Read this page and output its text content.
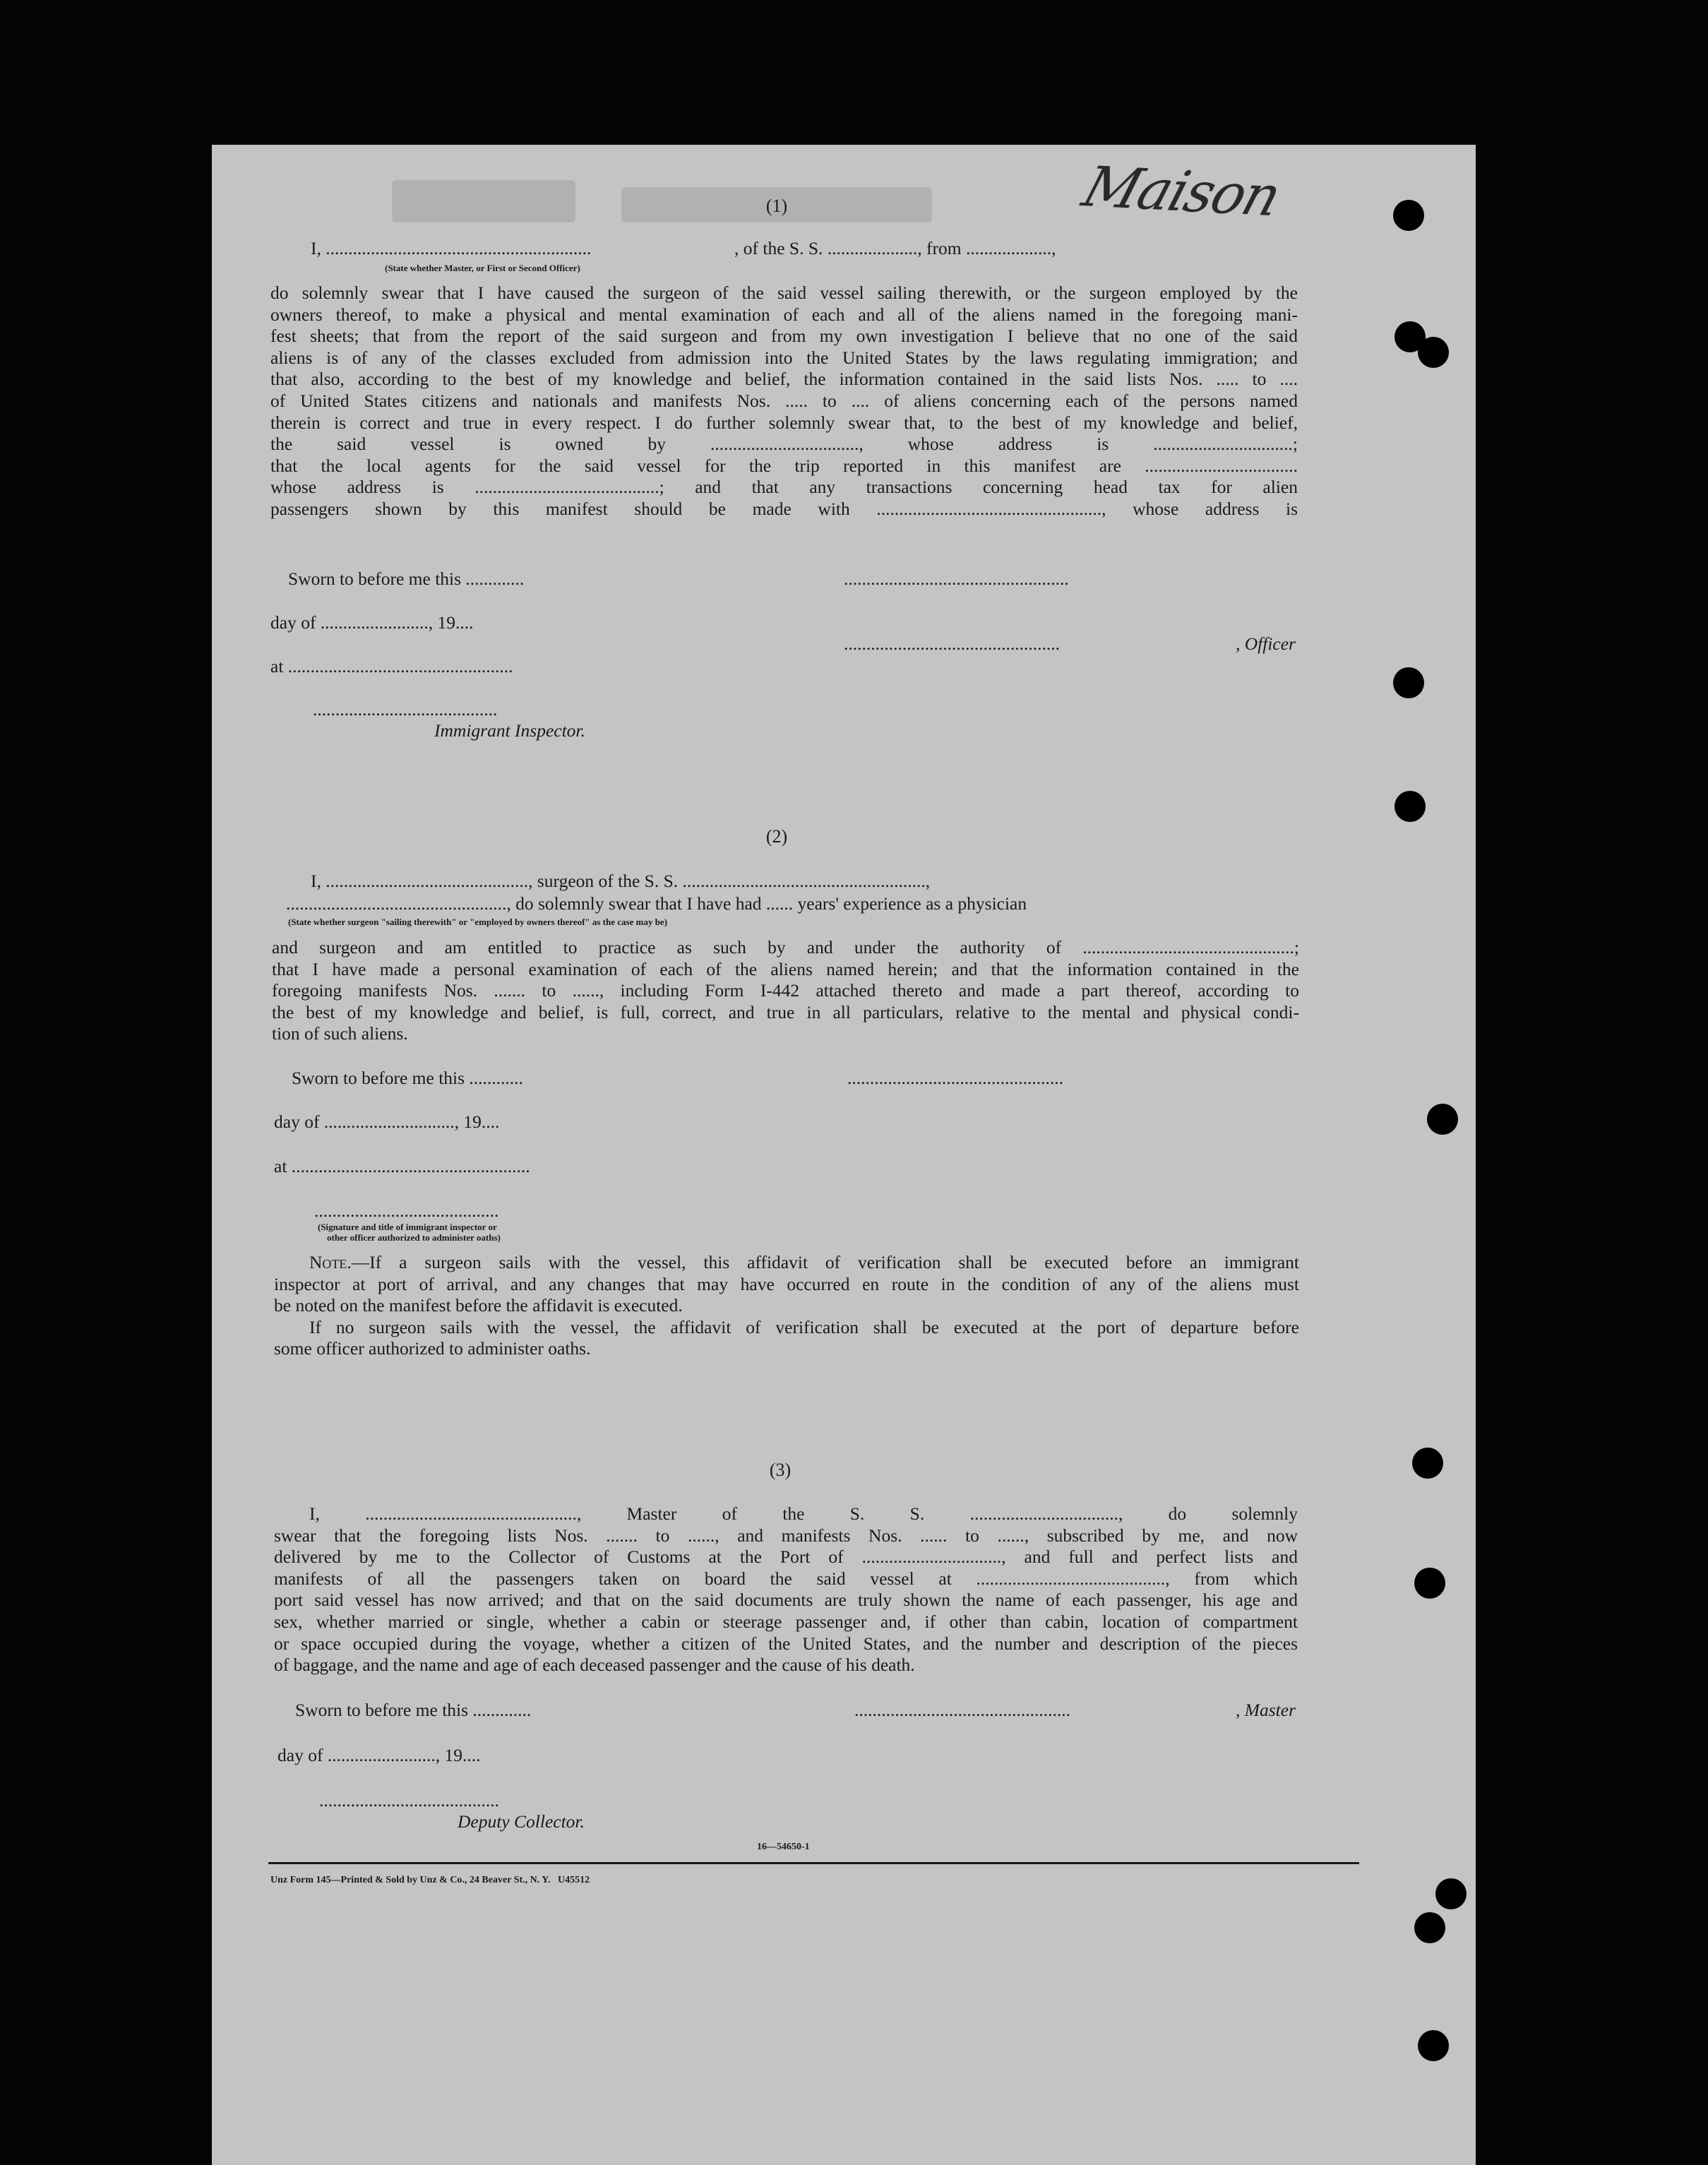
Maison
(1)
I, ...........................................................	, of the S. S. ...................., from ...................,
(State whether Master, or First or Second Officer)
do solemnly swear that I have caused the surgeon of the said vessel sailing therewith, or the surgeon employed by the
owners thereof, to make a physical and mental examination of each and all of the aliens named in the foregoing mani-
fest sheets; that from the report of the said surgeon and from my own investigation I believe that no one of the said
aliens is of any of the classes excluded from admission into the United States by the laws regulating immigration; and
that also, according to the best of my knowledge and belief, the information contained in the said lists Nos. ..... to ....
of United States citizens and nationals and manifests Nos. ..... to .... of aliens concerning each of the persons named
therein is correct and true in every respect. I do further solemnly swear that, to the best of my knowledge and belief,
the said vessel is owned by ................................., whose address is ...............................;
that the local agents for the said vessel for the trip reported in this manifest are ..................................
whose address is .........................................; and that any transactions concerning head tax for alien
passengers shown by this manifest should be made with .................................................., whose address is
Sworn to before me this .............	..................................................
day of ........................, 19....
................................................	, Officer
at ..................................................
.........................................
Immigrant Inspector.
(2)
I, ............................................., surgeon of the S. S. ......................................................,
................................................., do solemnly swear that I have had ...... years' experience as a physician
(State whether surgeon "sailing therewith" or "employed by owners thereof" as the case may be)
and surgeon and am entitled to practice as such by and under the authority of ...............................................;
that I have made a personal examination of each of the aliens named herein; and that the information contained in the
foregoing manifests Nos. ....... to ......, including Form I-442 attached thereto and made a part thereof, according to
the best of my knowledge and belief, is full, correct, and true in all particulars, relative to the mental and physical condi-
tion of such aliens.
Sworn to before me this ............	................................................
day of ............................., 19....
at .....................................................
.........................................
(Signature and title of immigrant inspector or
other officer authorized to administer oaths)
Note.—If a surgeon sails with the vessel, this affidavit of verification shall be executed before an immigrant
inspector at port of arrival, and any changes that may have occurred en route in the condition of any of the aliens must
be noted on the manifest before the affidavit is executed.
If no surgeon sails with the vessel, the affidavit of verification shall be executed at the port of departure before
some officer authorized to administer oaths.
(3)
I, ..............................................., Master of the S. S. ................................., do solemnly
swear that the foregoing lists Nos. ....... to ......, and manifests Nos. ...... to ......, subscribed by me, and now
delivered by me to the Collector of Customs at the Port of ..............................., and full and perfect lists and
manifests of all the passengers taken on board the said vessel at .........................................., from which
port said vessel has now arrived; and that on the said documents are truly shown the name of each passenger, his age and
sex, whether married or single, whether a cabin or steerage passenger and, if other than cabin, location of compartment
or space occupied during the voyage, whether a citizen of the United States, and the number and description of the pieces
of baggage, and the name and age of each deceased passenger and the cause of his death.
Sworn to before me this .............	................................................	, Master
day of ........................, 19....
........................................
Deputy Collector.
16—54650-1
Unz Form 145—Printed & Sold by Unz & Co., 24 Beaver St., N. Y.   U45512
